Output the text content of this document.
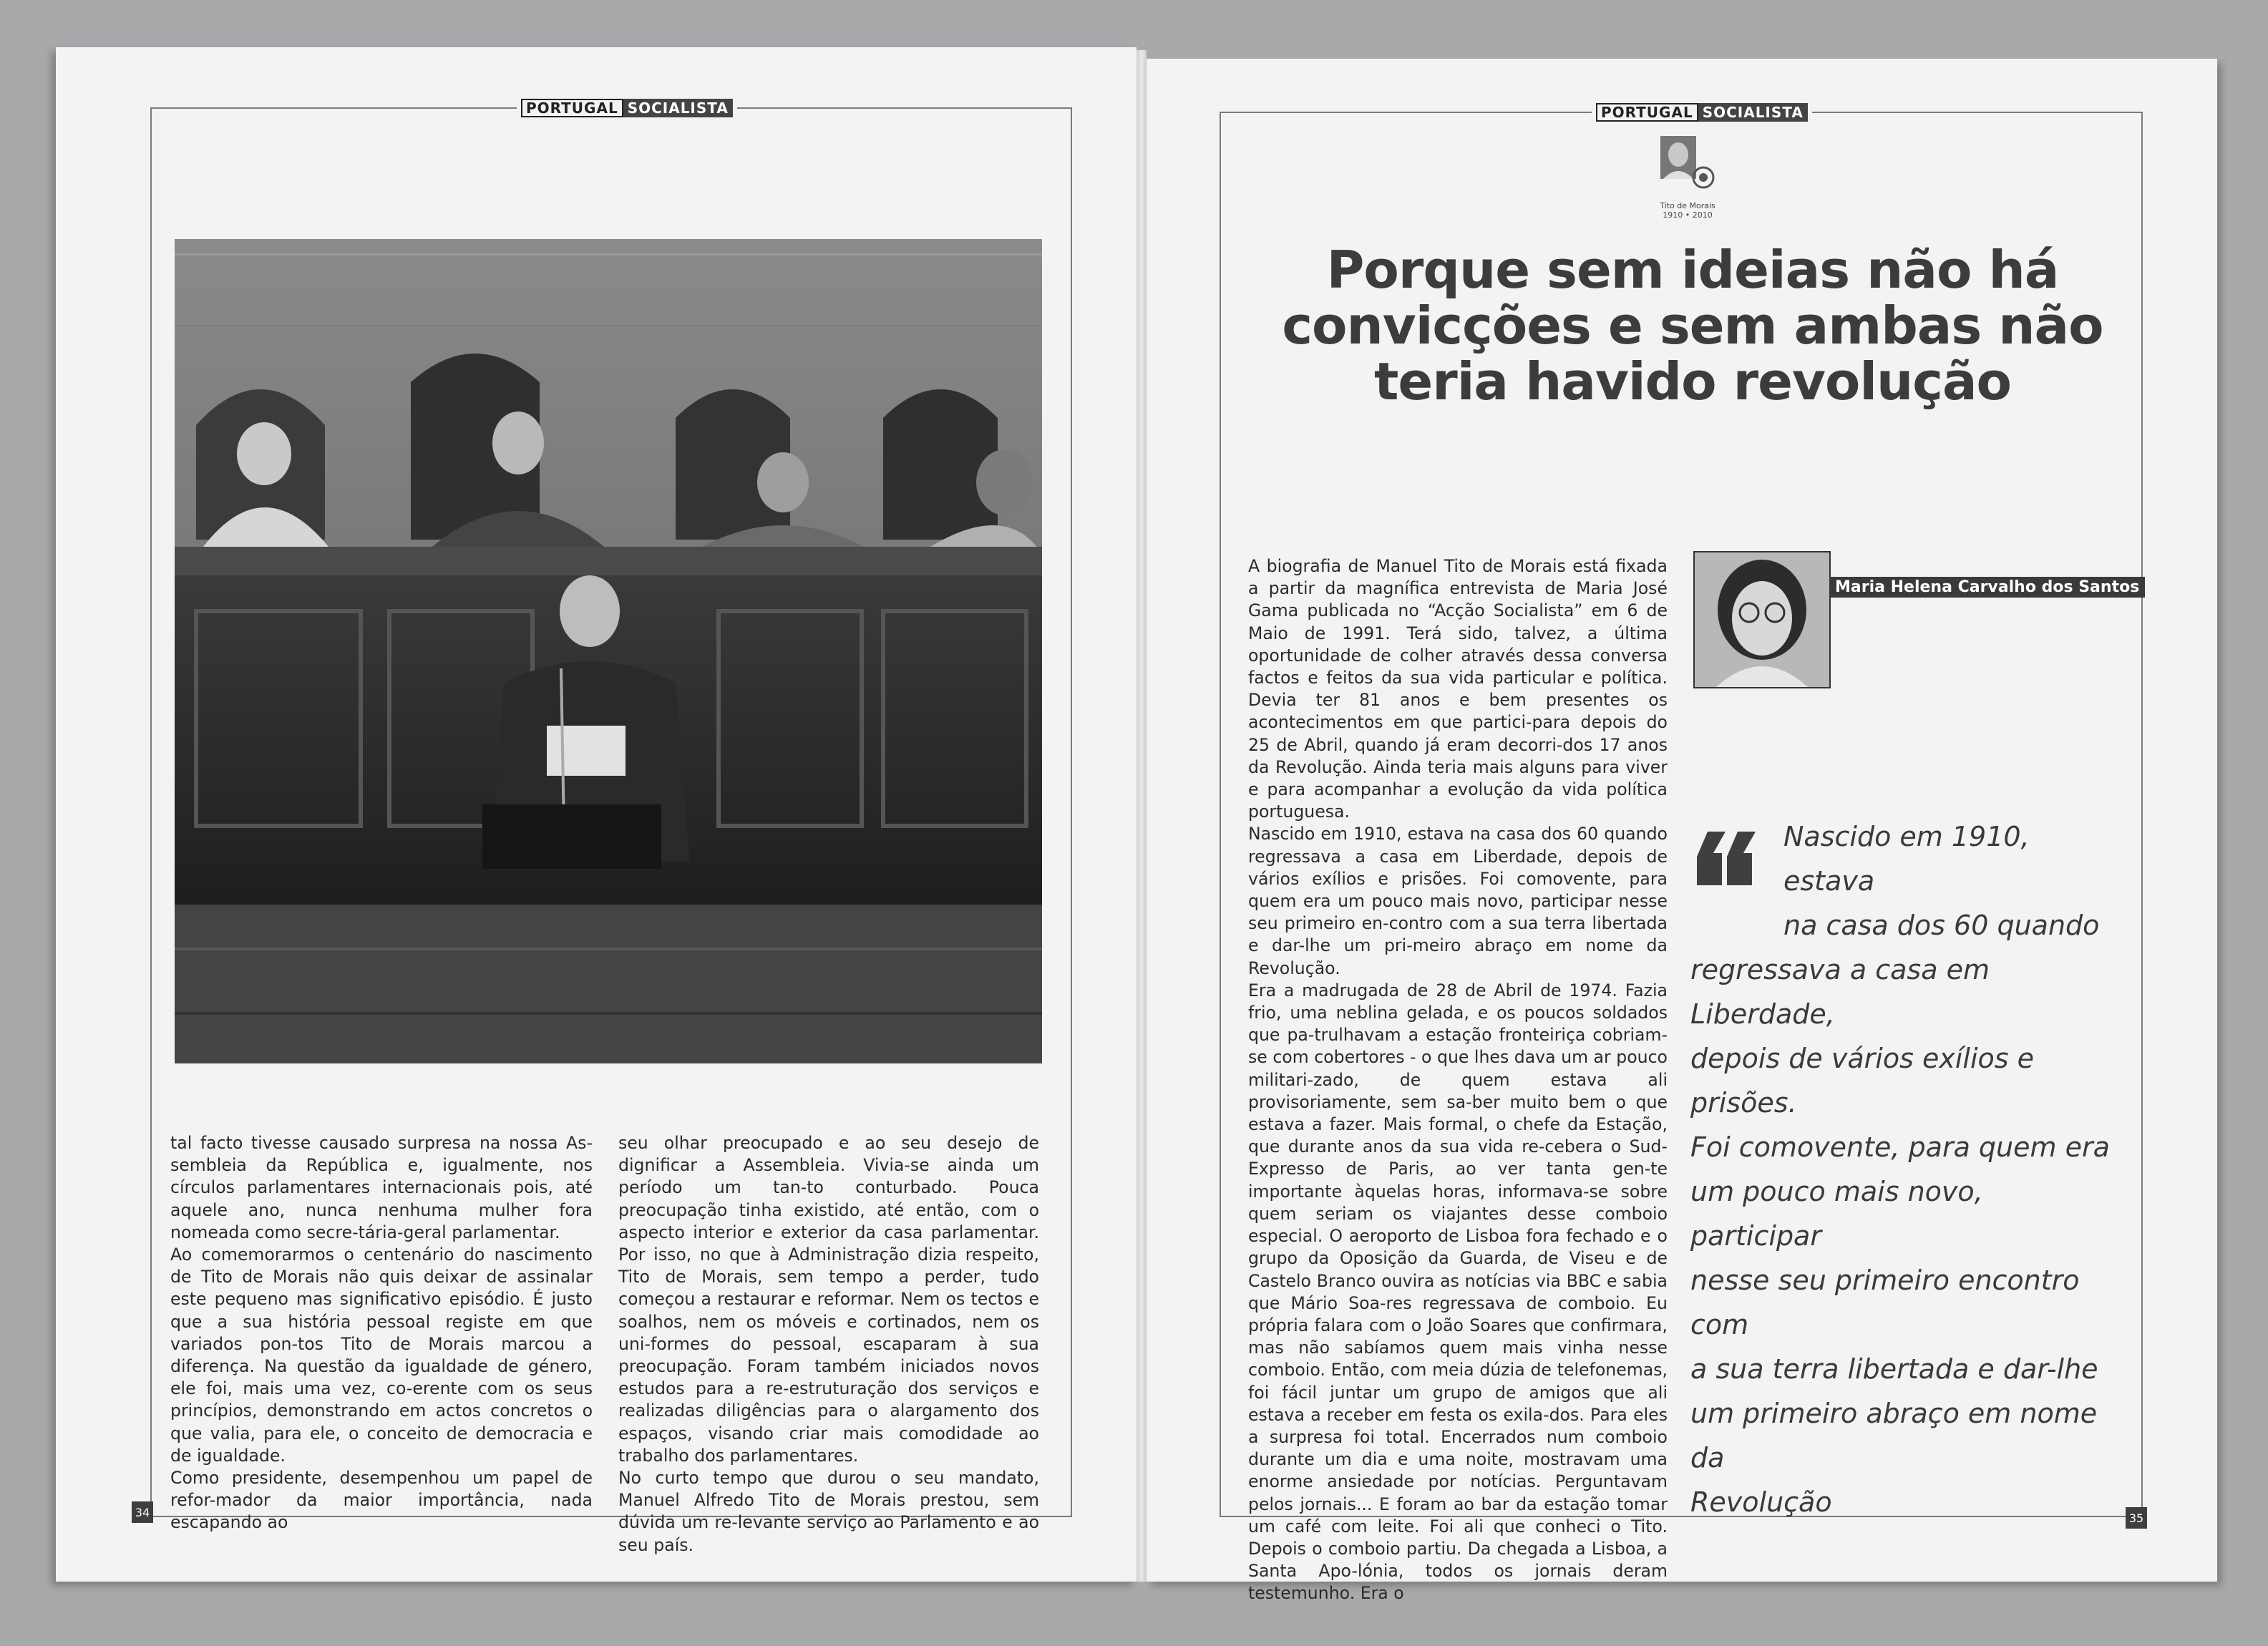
PORTUGAL SOCIALISTA

tal facto tivesse causado surpresa na nossa As-sembleia da República e, igualmente, nos círculos parlamentares internacionais pois, até aquele ano, nunca nenhuma mulher fora nomeada como secre-tária-geral parlamentar.

Ao comemorarmos o centenário do nascimento de Tito de Morais não quis deixar de assinalar este pequeno mas significativo episódio. É justo que a sua história pessoal registe em que variados pon-tos Tito de Morais marcou a diferença. Na questão da igualdade de género, ele foi, mais uma vez, co-erente com os seus princípios, demonstrando em actos concretos o que valia, para ele, o conceito de democracia e de igualdade.

Como presidente, desempenhou um papel de refor-mador da maior importância, nada escapando ao

seu olhar preocupado e ao seu desejo de dignificar a Assembleia. Vivia-se ainda um período um tan-to conturbado. Pouca preocupação tinha existido, até então, com o aspecto interior e exterior da casa parlamentar. Por isso, no que à Administração dizia respeito, Tito de Morais, sem tempo a perder, tudo começou a restaurar e reformar. Nem os tectos e soalhos, nem os móveis e cortinados, nem os uni-formes do pessoal, escaparam à sua preocupação. Foram também iniciados novos estudos para a re-estruturação dos serviços e realizadas diligências para o alargamento dos espaços, visando criar mais comodidade ao trabalho dos parlamentares.

No curto tempo que durou o seu mandato, Manuel Alfredo Tito de Morais prestou, sem dúvida um re-levante serviço ao Parlamento e ao seu país.

34
PORTUGAL SOCIALISTA
Tito de Morais
1910 • 2010
Porque sem ideias não há
convicções e sem ambas não
teria havido revolução

A biografia de Manuel Tito de Morais está fixada a partir da magnífica entrevista de Maria José Gama publicada no “Acção Socialista” em 6 de Maio de 1991. Terá sido, talvez, a última oportunidade de colher através dessa conversa factos e feitos da sua vida particular e política. Devia ter 81 anos e bem presentes os acontecimentos em que partici-para depois do 25 de Abril, quando já eram decorri-dos 17 anos da Revolução. Ainda teria mais alguns para viver e para acompanhar a evolução da vida política portuguesa.

Nascido em 1910, estava na casa dos 60 quando regressava a casa em Liberdade, depois de vários exílios e prisões. Foi comovente, para quem era um pouco mais novo, participar nesse seu primeiro en-contro com a sua terra libertada e dar-lhe um pri-meiro abraço em nome da Revolução.

Era a madrugada de 28 de Abril de 1974. Fazia frio, uma neblina gelada, e os poucos soldados que pa-trulhavam a estação fronteiriça cobriam-se com cobertores - o que lhes dava um ar pouco militari-zado, de quem estava ali provisoriamente, sem sa-ber muito bem o que estava a fazer. Mais formal, o chefe da Estação, que durante anos da sua vida re-cebera o Sud-Expresso de Paris, ao ver tanta gen-te importante àquelas horas, informava-se sobre quem seriam os viajantes desse comboio especial. O aeroporto de Lisboa fora fechado e o grupo da Oposição da Guarda, de Viseu e de Castelo Branco ouvira as notícias via BBC e sabia que Mário Soa-res regressava de comboio. Eu própria falara com o João Soares que confirmara, mas não sabíamos quem mais vinha nesse comboio. Então, com meia dúzia de telefonemas, foi fácil juntar um grupo de amigos que ali estava a receber em festa os exila-dos. Para eles a surpresa foi total. Encerrados num comboio durante um dia e uma noite, mostravam uma enorme ansiedade por notícias. Perguntavam pelos jornais... E foram ao bar da estação tomar um café com leite. Foi ali que conheci o Tito. Depois o comboio partiu. Da chegada a Lisboa, a Santa Apo-lónia, todos os jornais deram testemunho. Era o

Maria Helena Carvalho dos Santos
Nascido em 1910, estava
na casa dos 60 quando
regressava a casa em Liberdade,
depois de vários exílios e prisões.
Foi comovente, para quem era
um pouco mais novo, participar
nesse seu primeiro encontro com
a sua terra libertada e dar-lhe
um primeiro abraço em nome da
Revolução	35
